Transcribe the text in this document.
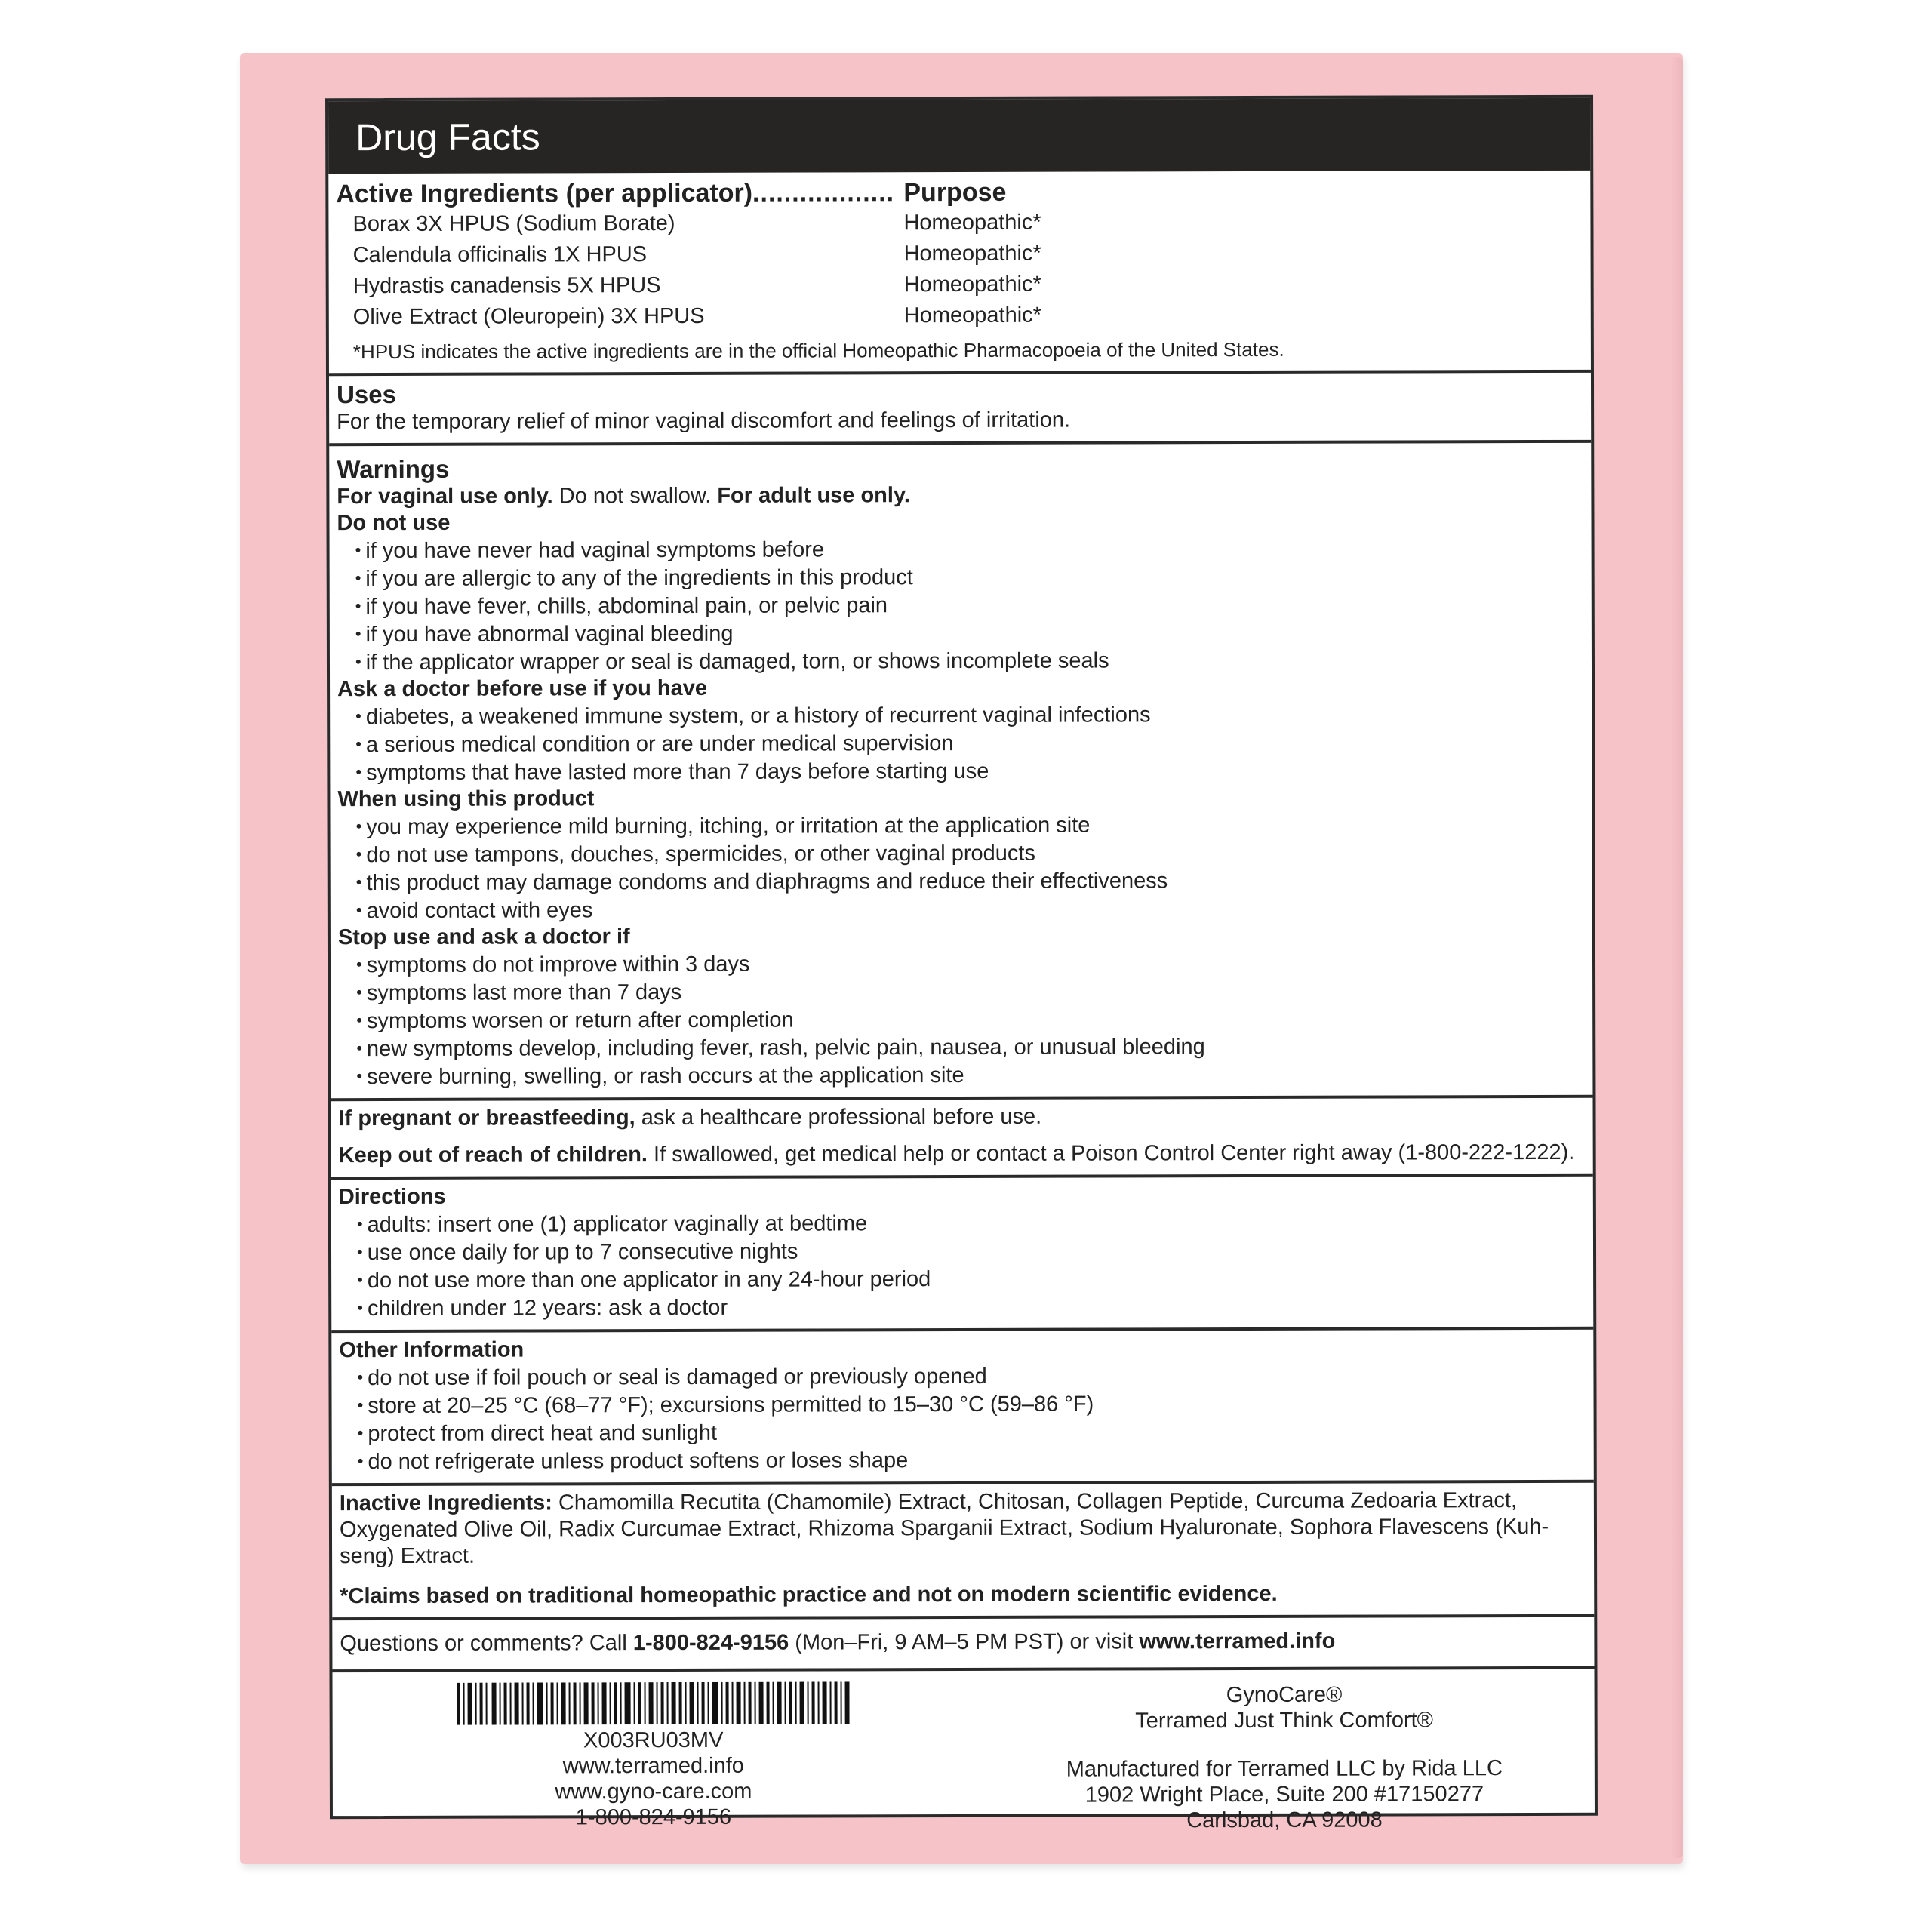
Drug Facts
Active Ingredients (per applicator).................. Purpose
Borax 3X HPUS (Sodium Borate)	Homeopathic*
Calendula officinalis 1X HPUS	Homeopathic*
Hydrastis canadensis 5X HPUS	Homeopathic*
Olive Extract (Oleuropein) 3X HPUS	Homeopathic*
*HPUS indicates the active ingredients are in the official Homeopathic Pharmacopoeia of the United States.
Uses
For the temporary relief of minor vaginal discomfort and feelings of irritation.
Warnings
For vaginal use only. Do not swallow. For adult use only.
Do not use
• if you have never had vaginal symptoms before
• if you are allergic to any of the ingredients in this product
• if you have fever, chills, abdominal pain, or pelvic pain
• if you have abnormal vaginal bleeding
• if the applicator wrapper or seal is damaged, torn, or shows incomplete seals
Ask a doctor before use if you have
• diabetes, a weakened immune system, or a history of recurrent vaginal infections
• a serious medical condition or are under medical supervision
• symptoms that have lasted more than 7 days before starting use
When using this product
• you may experience mild burning, itching, or irritation at the application site
• do not use tampons, douches, spermicides, or other vaginal products
• this product may damage condoms and diaphragms and reduce their effectiveness
• avoid contact with eyes
Stop use and ask a doctor if
• symptoms do not improve within 3 days
• symptoms last more than 7 days
• symptoms worsen or return after completion
• new symptoms develop, including fever, rash, pelvic pain, nausea, or unusual bleeding
• severe burning, swelling, or rash occurs at the application site
If pregnant or breastfeeding, ask a healthcare professional before use.
Keep out of reach of children. If swallowed, get medical help or contact a Poison Control Center right away (1-800-222-1222).
Directions
• adults: insert one (1) applicator vaginally at bedtime
• use once daily for up to 7 consecutive nights
• do not use more than one applicator in any 24-hour period
• children under 12 years: ask a doctor
Other Information
• do not use if foil pouch or seal is damaged or previously opened
• store at 20–25 °C (68–77 °F); excursions permitted to 15–30 °C (59–86 °F)
• protect from direct heat and sunlight
• do not refrigerate unless product softens or loses shape
Inactive Ingredients: Chamomilla Recutita (Chamomile) Extract, Chitosan, Collagen Peptide, Curcuma Zedoaria Extract, Oxygenated Olive Oil, Radix Curcumae Extract, Rhizoma Sparganii Extract, Sodium Hyaluronate, Sophora Flavescens (Kuh-seng) Extract.
*Claims based on traditional homeopathic practice and not on modern scientific evidence.
Questions or comments? Call 1-800-824-9156 (Mon–Fri, 9 AM–5 PM PST) or visit www.terramed.info
X003RU03MV
www.terramed.info
www.gyno-care.com
1-800-824-9156
GynoCare®
Terramed Just Think Comfort®
Manufactured for Terramed LLC by Rida LLC
1902 Wright Place, Suite 200 #17150277
Carlsbad, CA 92008
